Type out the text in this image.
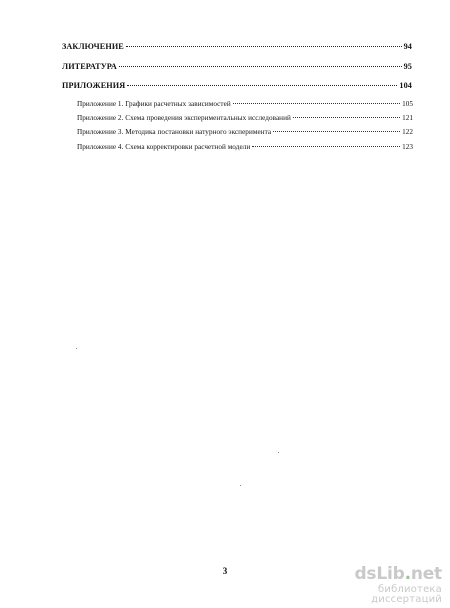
ЗАКЛЮЧЕНИЕ	94
ЛИТЕРАТУРА	95
ПРИЛОЖЕНИЯ	104
Приложение 1. Графики расчетных зависимостей	105
Приложение 2. Схема проведения экспериментальных исследований	121
Приложение 3. Методика постановки натурного эксперимента	122
Приложение 4. Схема корректировки расчетной модели	123
3	dsLib.net
библиотека диссертаций
